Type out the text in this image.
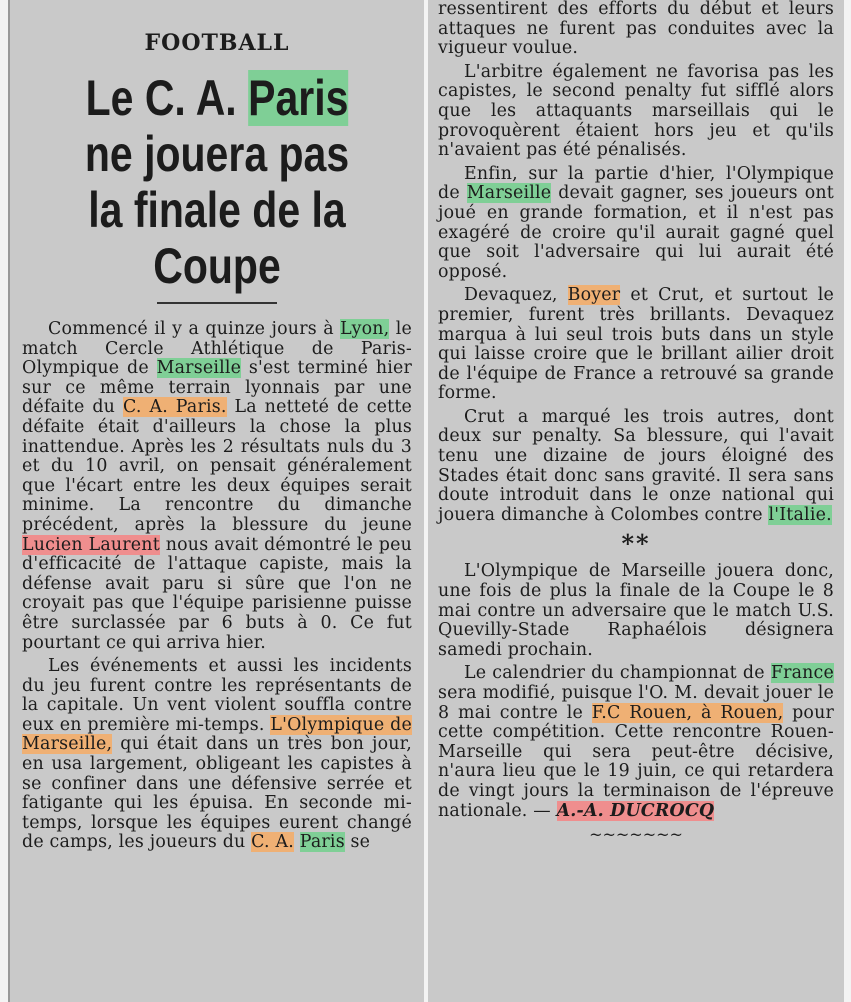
FOOTBALL
Le C. A. Paris
ne jouera pas
la finale de la Coupe

Commencé il y a quinze jours à Lyon, le match Cercle Athlétique de Paris-Olympique de Marseille s'est terminé hier sur ce même terrain lyonnais par une défaite du C. A. Paris. La netteté de cette défaite était d'ailleurs la chose la plus inattendue. Après les 2 résultats nuls du 3 et du 10 avril, on pensait généralement que l'écart entre les deux équipes serait minime. La rencontre du dimanche précédent, après la blessure du jeune Lucien Laurent nous avait démontré le peu d'efficacité de l'attaque capiste, mais la défense avait paru si sûre que l'on ne croyait pas que l'équipe parisienne puisse être surclassée par 6 buts à 0. Ce fut pourtant ce qui arriva hier.

Les événements et aussi les incidents du jeu furent contre les représentants de la capitale. Un vent violent souffla contre eux en première mi-temps. L'Olympique de Marseille, qui était dans un très bon jour, en usa largement, obligeant les capistes à se confiner dans une défensive serrée et fatigante qui les épuisa. En seconde mi-temps, lorsque les équipes eurent changé de camps, les joueurs du C. A. Paris se

ressentirent des efforts du début et leurs attaques ne furent pas conduites avec la vigueur voulue.

L'arbitre également ne favorisa pas les capistes, le second penalty fut sifflé alors que les attaquants marseillais qui le provoquèrent étaient hors jeu et qu'ils n'avaient pas été pénalisés.

Enfin, sur la partie d'hier, l'Olympique de Marseille devait gagner, ses joueurs ont joué en grande formation, et il n'est pas exagéré de croire qu'il aurait gagné quel que soit l'adversaire qui lui aurait été opposé.

Devaquez, Boyer et Crut, et surtout le premier, furent très brillants. Devaquez marqua à lui seul trois buts dans un style qui laisse croire que le brillant ailier droit de l'équipe de France a retrouvé sa grande forme.

Crut a marqué les trois autres, dont deux sur penalty. Sa blessure, qui l'avait tenu une dizaine de jours éloigné des Stades était donc sans gravité. Il sera sans doute introduit dans le onze national qui jouera dimanche à Colombes contre l'Italie.

**

L'Olympique de Marseille jouera donc, une fois de plus la finale de la Coupe le 8 mai contre un adversaire que le match U.S. Quevilly-Stade Raphaélois désignera samedi prochain.

Le calendrier du championnat de France sera modifié, puisque l'O. M. devait jouer le 8 mai contre le F.C Rouen, à Rouen, pour cette compétition. Cette rencontre Rouen-Marseille qui sera peut-être décisive, n'aura lieu que le 19 juin, ce qui retardera de vingt jours la terminaison de l'épreuve nationale. — A.-A. DUCROCQ

~~~~~~~
